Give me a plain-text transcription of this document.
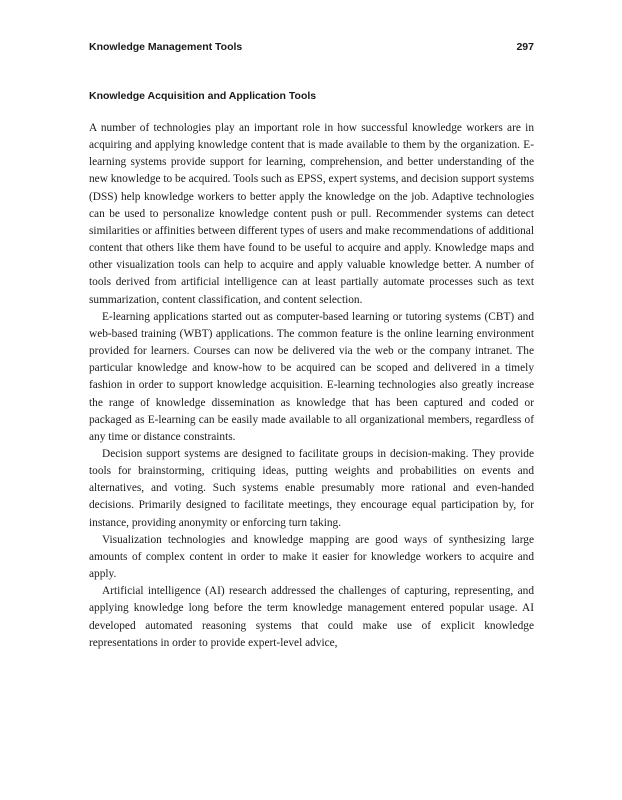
Knowledge Management Tools	297
Knowledge Acquisition and Application Tools

A number of technologies play an important role in how successful knowledge workers are in acquiring and applying knowledge content that is made available to them by the organization. E-learning systems provide support for learning, comprehension, and better understanding of the new knowledge to be acquired. Tools such as EPSS, expert systems, and decision support systems (DSS) help knowledge workers to better apply the knowledge on the job. Adaptive technologies can be used to personalize knowledge content push or pull. Recommender systems can detect similarities or affinities between different types of users and make recommendations of additional content that others like them have found to be useful to acquire and apply. Knowledge maps and other visualization tools can help to acquire and apply valuable knowledge better. A number of tools derived from artificial intelligence can at least partially automate processes such as text summarization, content classification, and content selection.

E-learning applications started out as computer-based learning or tutoring systems (CBT) and web-based training (WBT) applications. The common feature is the online learning environment provided for learners. Courses can now be delivered via the web or the company intranet. The particular knowledge and know-how to be acquired can be scoped and delivered in a timely fashion in order to support knowledge acquisition. E-learning technologies also greatly increase the range of knowledge dissemination as knowledge that has been captured and coded or packaged as E-learning can be easily made available to all organizational members, regardless of any time or distance constraints.

Decision support systems are designed to facilitate groups in decision-making. They provide tools for brainstorming, critiquing ideas, putting weights and probabilities on events and alternatives, and voting. Such systems enable presumably more rational and even-handed decisions. Primarily designed to facilitate meetings, they encourage equal participation by, for instance, providing anonymity or enforcing turn taking.

Visualization technologies and knowledge mapping are good ways of synthesizing large amounts of complex content in order to make it easier for knowledge workers to acquire and apply.

Artificial intelligence (AI) research addressed the challenges of capturing, representing, and applying knowledge long before the term knowledge management entered popular usage. AI developed automated reasoning systems that could make use of explicit knowledge representations in order to provide expert-level advice,
